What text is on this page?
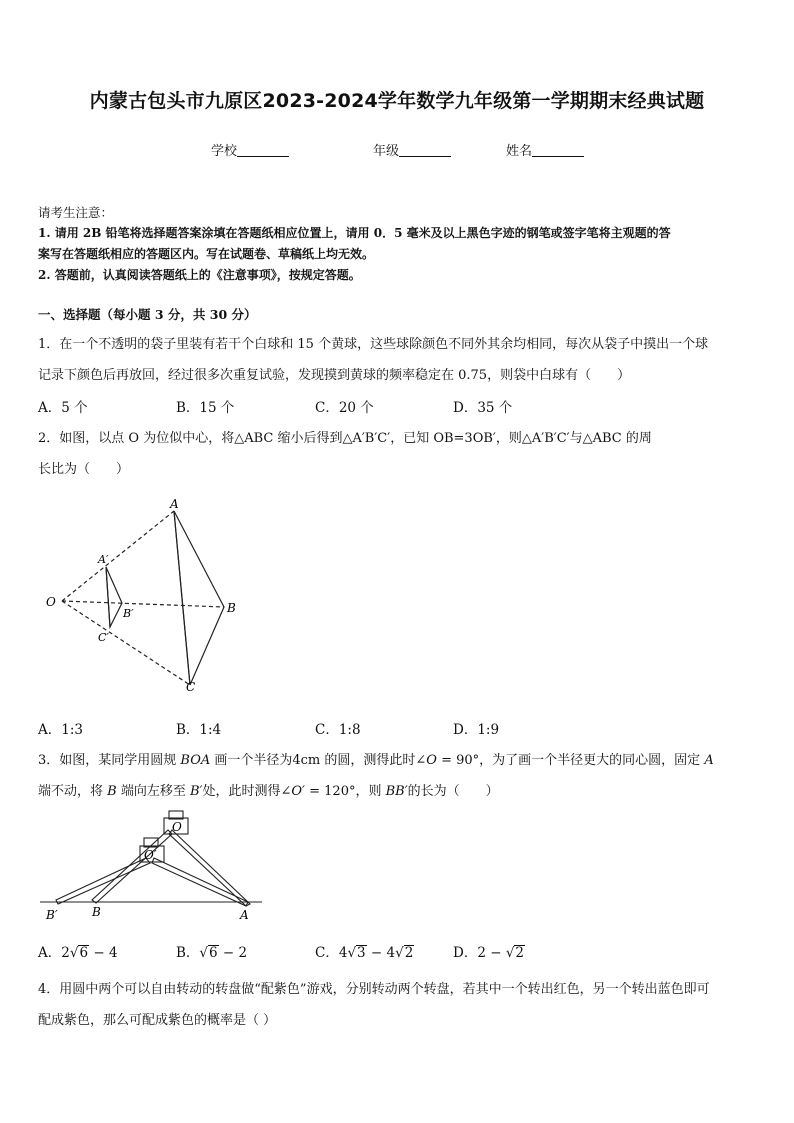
内蒙古包头市九原区2023-2024学年数学九年级第一学期期末经典试题
学校	年级	姓名
请考生注意：
1. 请用 2B 铅笔将选择题答案涂填在答题纸相应位置上，请用 0．5 毫米及以上黑色字迹的钢笔或签字笔将主观题的答
案写在答题纸相应的答题区内。写在试题卷、草稿纸上均无效。
2. 答题前，认真阅读答题纸上的《注意事项》，按规定答题。
一、选择题（每小题 3 分，共 30 分）
1．在一个不透明的袋子里装有若干个白球和 15 个黄球，这些球除颜色不同外其余均相同，每次从袋子中摸出一个球
记录下颜色后再放回，经过很多次重复试验，发现摸到黄球的频率稳定在 0.75，则袋中白球有（　　）
A．5 个	B．15 个	C．20 个	D．35 个
2．如图，以点 O 为位似中心，将△ABC 缩小后得到△A′B′C′，已知 OB=3OB′，则△A′B′C′与△ABC 的周
长比为（　　）
O
A
B
C
A′
B′
C′
A．1:3	B．1:4	C．1:8	D．1:9
3．如图，某同学用圆规 BOA 画一个半径为4cm 的圆，测得此时∠O = 90°，为了画一个半径更大的同心圆，固定 A
端不动，将 B 端向左移至 B′处，此时测得∠O′ = 120°，则 BB′的长为（　　）
O
O′
B′	B	A
A．2√6 − 4	B．√6 − 2	C．4√3 − 4√2	D．2 − √2
4．用圆中两个可以自由转动的转盘做“配紫色”游戏，分别转动两个转盘，若其中一个转出红色，另一个转出蓝色即可
配成紫色，那么可配成紫色的概率是（ ）
